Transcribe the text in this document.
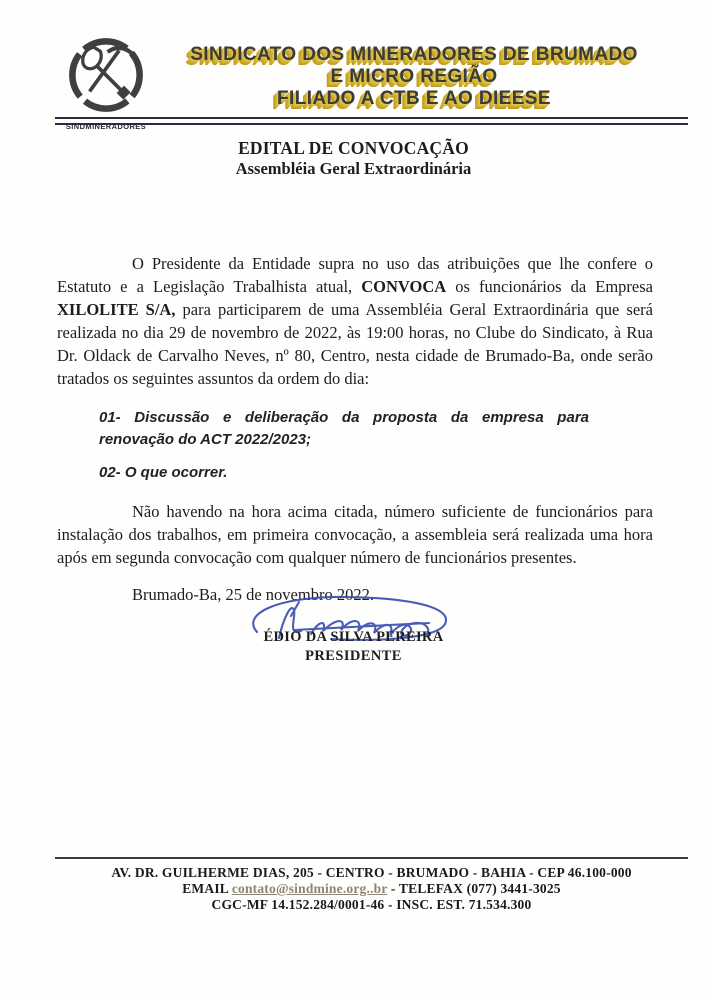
SINDMINERADORES
SINDICATO DOS MINERADORES DE BRUMADO
E MICRO REGIÃO
FILIADO A CTB E AO DIEESE
EDITAL DE CONVOCAÇÃO
Assembléia Geral Extraordinária

O Presidente da Entidade supra no uso das atribuições que lhe confere o Estatuto e a Legislação Trabalhista atual, CONVOCA os funcionários da Empresa XILOLITE S/A, para participarem de uma Assembléia Geral Extraordinária que será realizada no dia 29 de novembro de 2022, às 19:00 horas, no Clube do Sindicato, à Rua Dr. Oldack de Carvalho Neves, nº 80, Centro, nesta cidade de Brumado-Ba, onde serão tratados os seguintes assuntos da ordem do dia:

01- Discussão e deliberação da proposta da empresa para renovação do ACT 2022/2023;
02- O que ocorrer.

Não havendo na hora acima citada, número suficiente de funcionários para instalação dos trabalhos, em primeira convocação, a assembleia será realizada uma hora após em segunda convocação com qualquer número de funcionários presentes.

Brumado-Ba, 25 de novembro 2022.
ÉDIO DA SILVA PEREIRA
PRESIDENTE
AV. DR. GUILHERME DIAS, 205 - CENTRO - BRUMADO - BAHIA - CEP 46.100-000
EMAIL contato@sindmine.org..br - TELEFAX (077) 3441-3025
CGC-MF 14.152.284/0001-46 - INSC. EST. 71.534.300
